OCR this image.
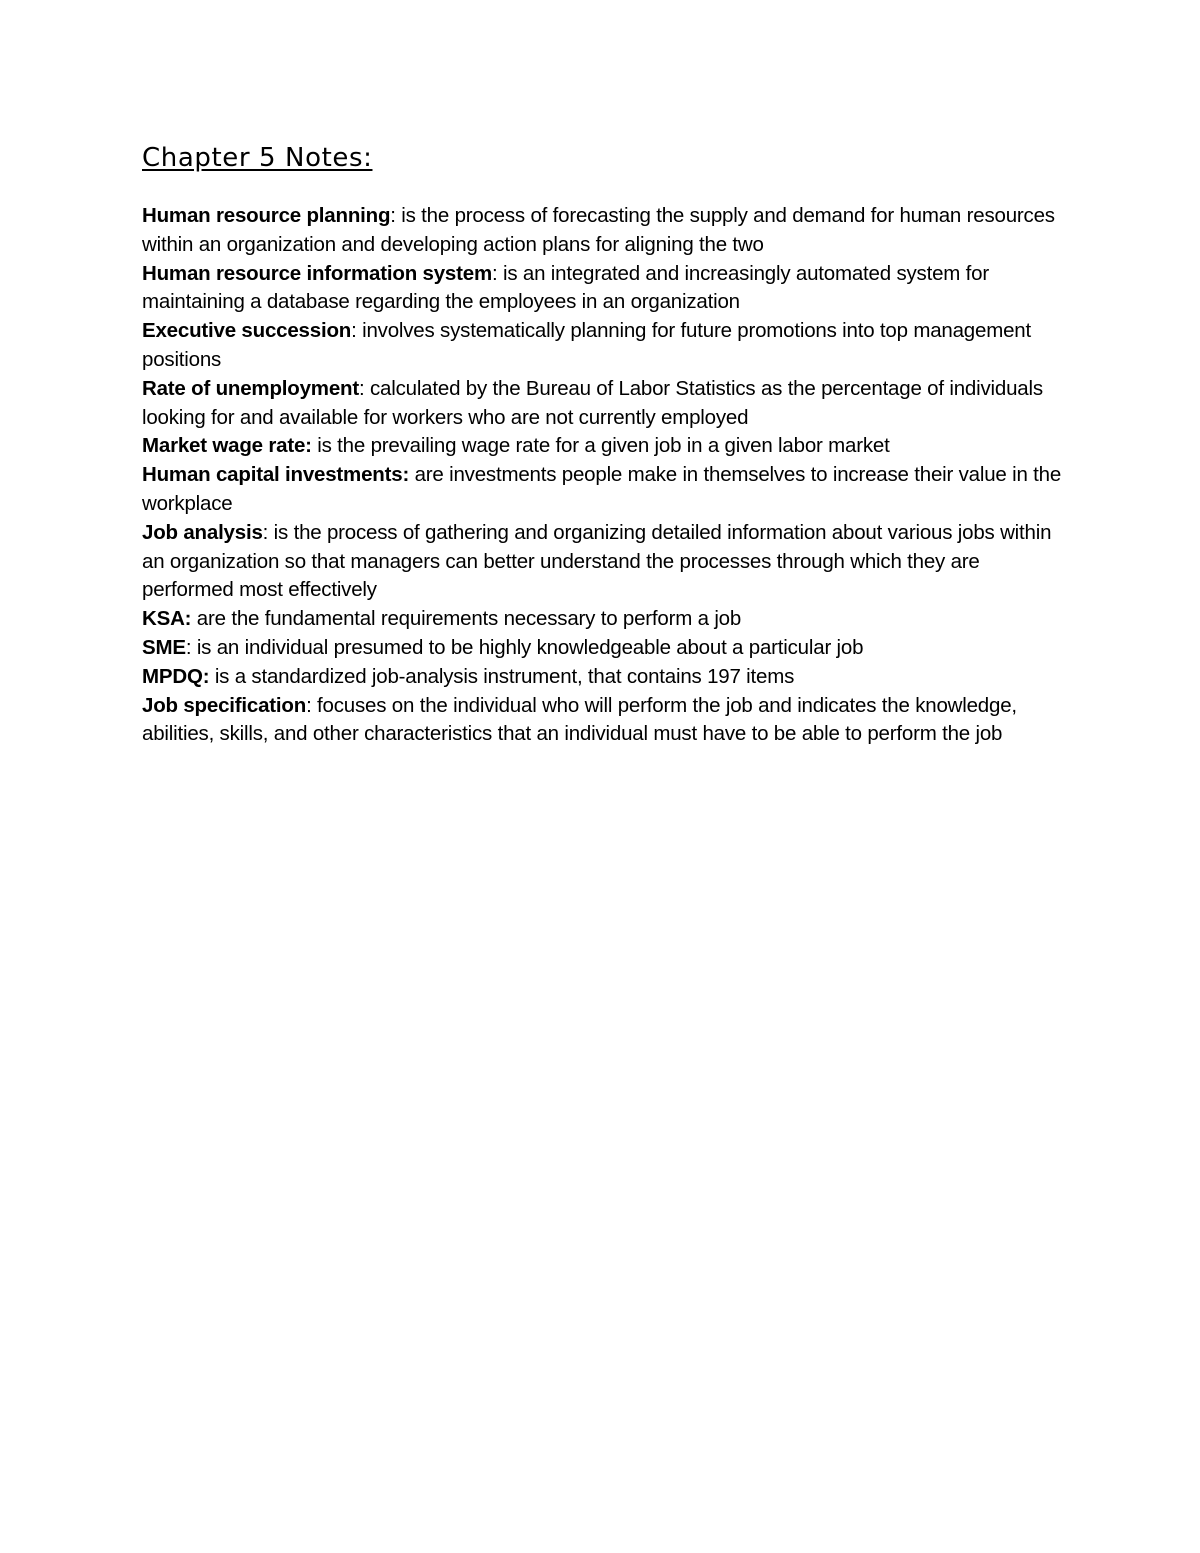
Chapter 5 Notes:

Human resource planning: is the process of forecasting the supply and demand for human resources within an organization and developing action plans for aligning the two

Human resource information system: is an integrated and increasingly automated system for maintaining a database regarding the employees in an organization

Executive succession: involves systematically planning for future promotions into top management positions

Rate of unemployment: calculated by the Bureau of Labor Statistics as the percentage of individuals looking for and available for workers who are not currently employed

Market wage rate: is the prevailing wage rate for a given job in a given labor market

Human capital investments: are investments people make in themselves to increase their value in the workplace

Job analysis: is the process of gathering and organizing detailed information about various jobs within an organization so that managers can better understand the processes through which they are performed most effectively

KSA: are the fundamental requirements necessary to perform a job

SME: is an individual presumed to be highly knowledgeable about a particular job

MPDQ: is a standardized job-analysis instrument, that contains 197 items

Job specification: focuses on the individual who will perform the job and indicates the knowledge, abilities, skills, and other characteristics that an individual must have to be able to perform the job
